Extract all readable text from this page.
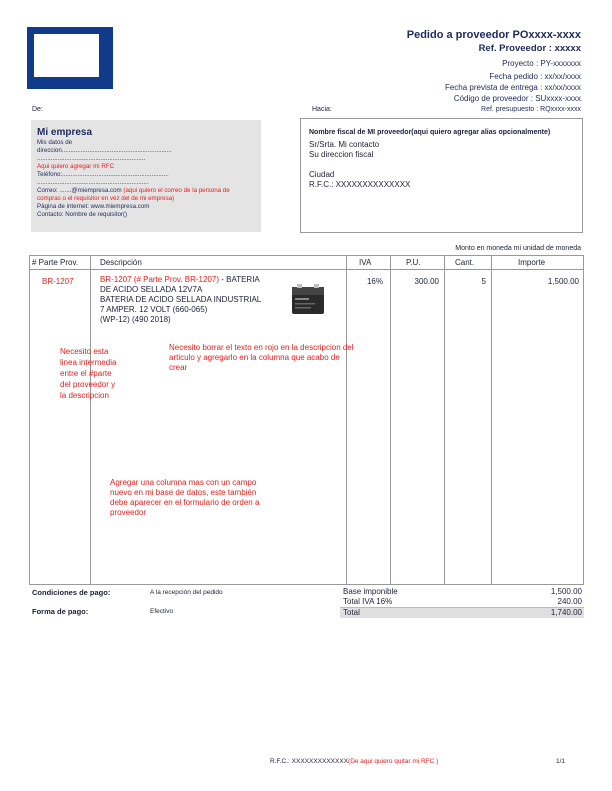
Pedido a proveedor POxxxx-xxxx
Ref. Proveedor : xxxxx
Proyecto : PY-xxxxxxx
Fecha pedido : xx/xx/xxxx
Fecha prevista de entrega : xx/xx/xxxx
Código de proveedor : SUxxxx-xxxx
De:	Hacia:	Ref. presupuesto : RQxxxx-xxxx
Mi empresa
Mis datos de
direccion................................................................
...............................................................
Aqui quiero agregar mi RFC
Teléfono:..............................................................
.................................................................
Correo: .......@miempresa.com (aqui quiero el correo de la persona de compras o el requisitor en vez del de mi empresa)
Página de internet: www.miempresa.com
Contacto: Nombre de requisitor()
Nombre fiscal de MI proveedor(aqui quiero agregar alias opcionalmente)
Sr/Srta. Mi contacto
Su direccion fiscal
Ciudad
R.F.C.: XXXXXXXXXXXXXX
Monto en moneda mi unidad de moneda
# Parte Prov.	Descripción	IVA	P.U.	Cant.	Importe
BR-1207	BR-1207 (# Parte Prov. BR-1207) - BATERIA
DE ACIDO SELLADA 12V7A
BATERIA DE ACIDO SELLADA INDUSTRIAL
7 AMPER. 12 VOLT (660-065)
(WP-12) (490 2018)
16%	300.00	5	1,500.00
Necesito esta linea intermedia entre el #parte del proveedor y la descripcion
Necesito borrar el texto en rojo en la descripcion del articulo y agregarlo en la columna que acabo de crear
Agregar una columna mas con un campo nuevo en mi base de datos, este también debe aparecer en el formulario de orden a proveedor
Condiciones de pago:	A la recepción del pedido
Forma de pago:	Efectivo
Base imponible	1,500.00
Total IVA 16%	240.00
Total	1,740.00
R.F.C.: XXXXXXXXXXXXX(De aqui quiero quitar mi RFC )	1/1
